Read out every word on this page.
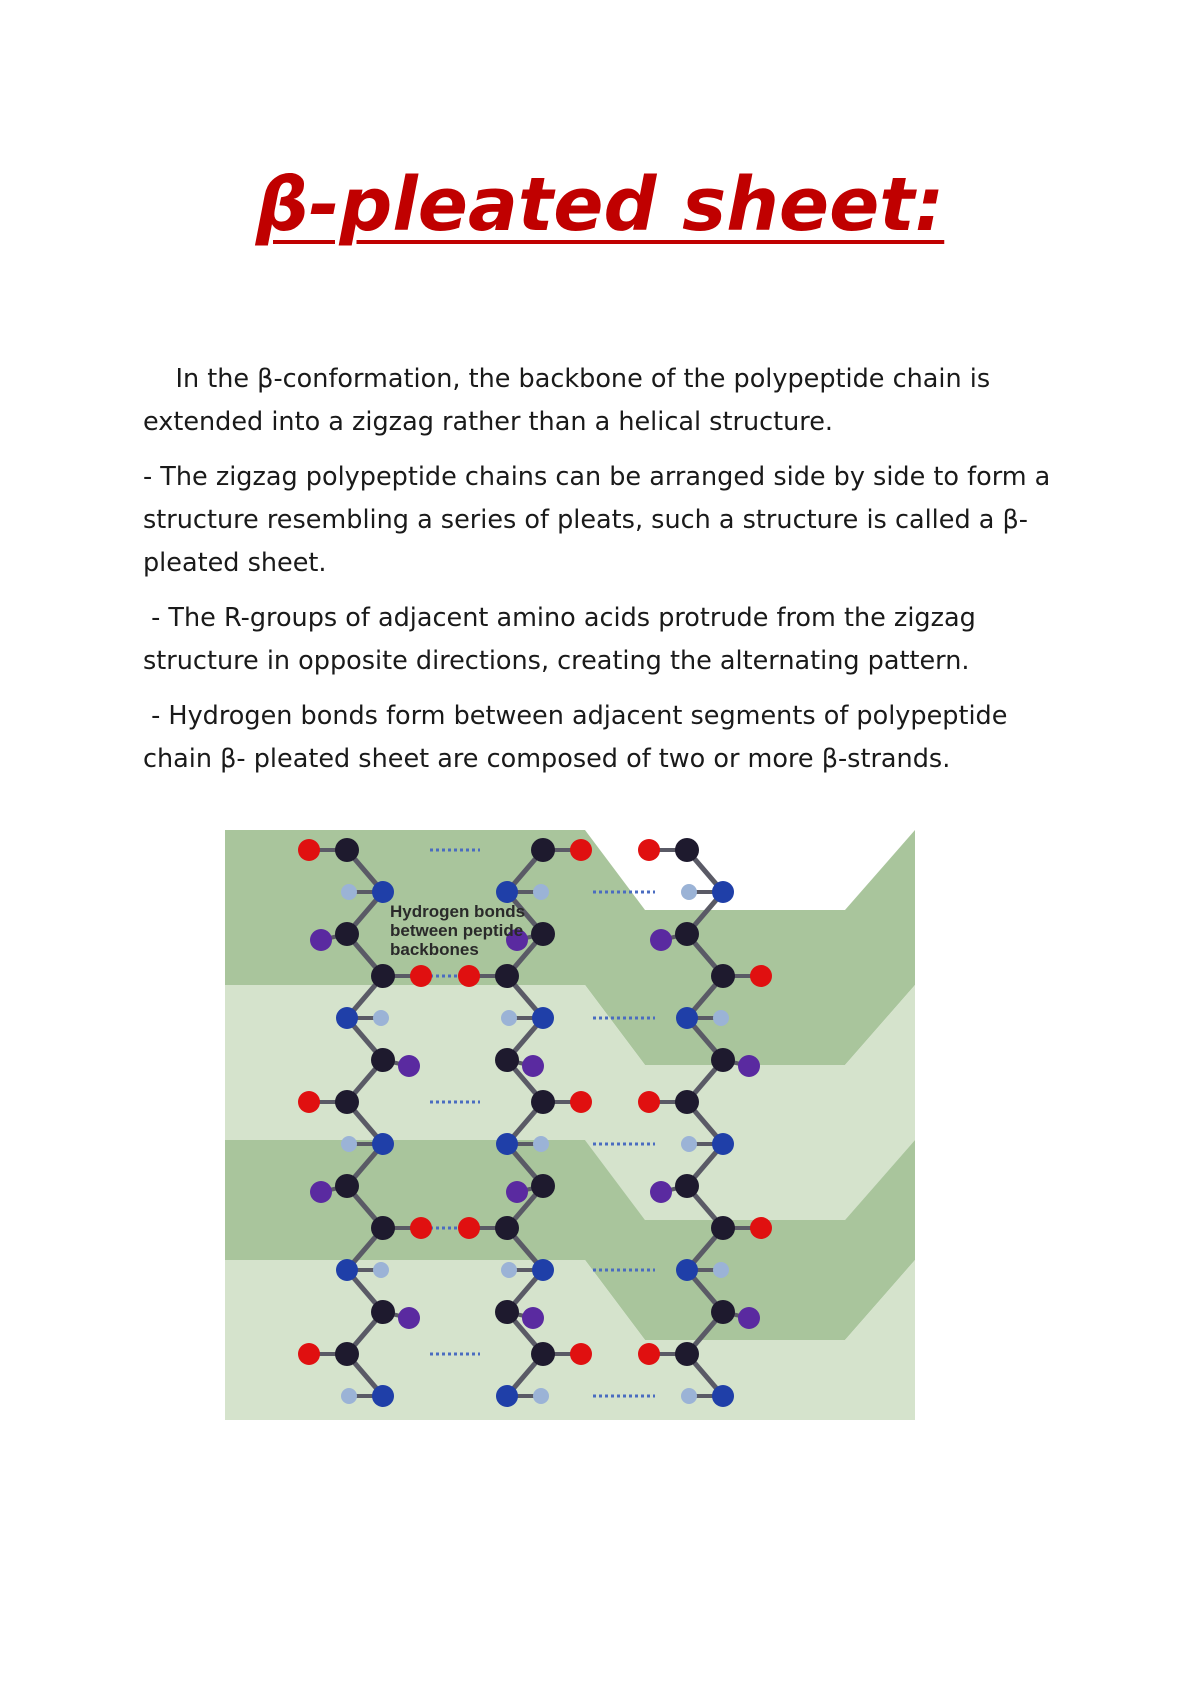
β-pleated sheet:

In the β-conformation, the backbone of the polypeptide chain is extended into a zigzag rather than a helical structure.

- The zigzag polypeptide chains can be arranged side by side to form a structure resembling a series of pleats, such a structure is called a β-pleated sheet.

- The R-groups of adjacent amino acids protrude from the zigzag structure in opposite directions, creating the alternating pattern.

- Hydrogen bonds form between adjacent segments of polypeptide chain β- pleated sheet are composed of two or more β-strands.

Hydrogen bonds
between peptide
backbones
